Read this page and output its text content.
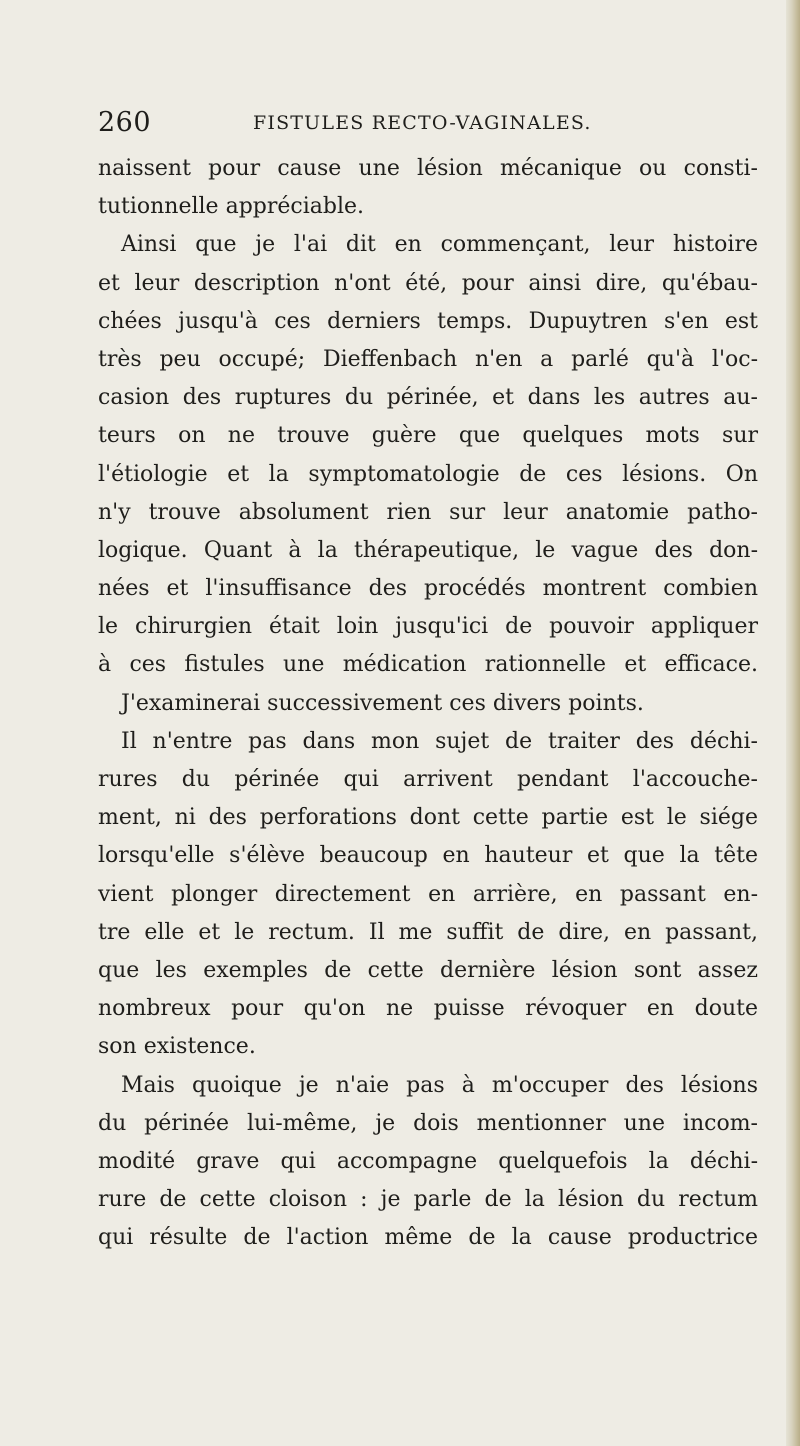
260	FISTULES RECTO-VAGINALES.
naissent pour cause une lésion mécanique ou consti-
tutionnelle appréciable.
Ainsi que je l'ai dit en commençant, leur histoire
et leur description n'ont été, pour ainsi dire, qu'ébau-
chées jusqu'à ces derniers temps. Dupuytren s'en est
très peu occupé; Dieffenbach n'en a parlé qu'à l'oc-
casion des ruptures du périnée, et dans les autres au-
teurs on ne trouve guère que quelques mots sur
l'étiologie et la symptomatologie de ces lésions. On
n'y trouve absolument rien sur leur anatomie patho-
logique. Quant à la thérapeutique, le vague des don-
nées et l'insuffisance des procédés montrent combien
le chirurgien était loin jusqu'ici de pouvoir appliquer
à ces fistules une médication rationnelle et efficace.
J'examinerai successivement ces divers points.
Il n'entre pas dans mon sujet de traiter des déchi-
rures du périnée qui arrivent pendant l'accouche-
ment, ni des perforations dont cette partie est le siége
lorsqu'elle s'élève beaucoup en hauteur et que la tête
vient plonger directement en arrière, en passant en-
tre elle et le rectum. Il me suffit de dire, en passant,
que les exemples de cette dernière lésion sont assez
nombreux pour qu'on ne puisse révoquer en doute
son existence.
Mais quoique je n'aie pas à m'occuper des lésions
du périnée lui-même, je dois mentionner une incom-
modité grave qui accompagne quelquefois la déchi-
rure de cette cloison : je parle de la lésion du rectum
qui résulte de l'action même de la cause productrice
